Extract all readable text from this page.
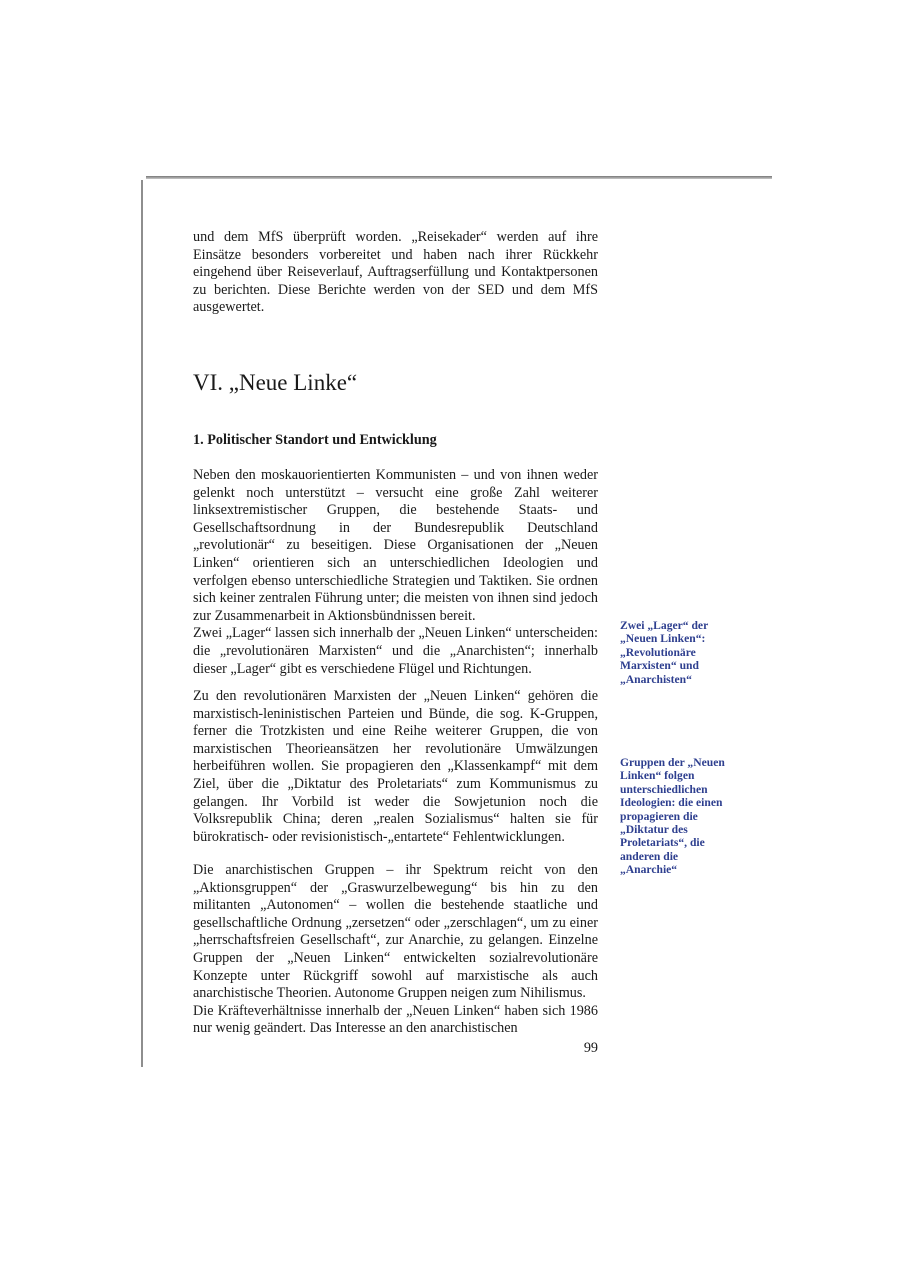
und dem MfS überprüft worden. „Reisekader“ werden auf ihre Einsätze besonders vorbereitet und haben nach ihrer Rückkehr eingehend über Reiseverlauf, Auftragserfüllung und Kontaktpersonen zu berichten. Diese Berichte werden von der SED und dem MfS ausgewertet.

VI. „Neue Linke“
1. Politischer Standort und Entwicklung

Neben den moskauorientierten Kommunisten – und von ihnen weder gelenkt noch unterstützt – versucht eine große Zahl weiterer linksextremistischer Gruppen, die bestehende Staats- und Gesellschaftsordnung in der Bundesrepublik Deutschland „revolutionär“ zu beseitigen. Diese Organisationen der „Neuen Linken“ orientieren sich an unterschiedlichen Ideologien und verfolgen ebenso unterschiedliche Strategien und Taktiken. Sie ordnen sich keiner zentralen Führung unter; die meisten von ihnen sind jedoch zur Zusammenarbeit in Aktionsbündnissen bereit.

Zwei „Lager“ lassen sich innerhalb der „Neuen Linken“ unterscheiden: die „revolutionären Marxisten“ und die „Anarchisten“; innerhalb dieser „Lager“ gibt es verschiedene Flügel und Richtungen.

Zu den revolutionären Marxisten der „Neuen Linken“ gehören die marxistisch-leninistischen Parteien und Bünde, die sog. K-Gruppen, ferner die Trotzkisten und eine Reihe weiterer Gruppen, die von marxistischen Theorieansätzen her revolutionäre Umwälzungen herbeiführen wollen. Sie propagieren den „Klassenkampf“ mit dem Ziel, über die „Diktatur des Proletariats“ zum Kommunismus zu gelangen. Ihr Vorbild ist weder die Sowjetunion noch die Volksrepublik China; deren „realen Sozialismus“ halten sie für bürokratisch- oder revisionistisch-„entartete“ Fehlentwicklungen.

Die anarchistischen Gruppen – ihr Spektrum reicht von den „Aktionsgruppen“ der „Graswurzelbewegung“ bis hin zu den militanten „Autonomen“ – wollen die bestehende staatliche und gesellschaftliche Ordnung „zersetzen“ oder „zerschlagen“, um zu einer „herrschaftsfreien Gesellschaft“, zur Anarchie, zu gelangen. Einzelne Gruppen der „Neuen Linken“ entwickelten sozialrevolutionäre Konzepte unter Rückgriff sowohl auf marxistische als auch anarchistische Theorien. Autonome Gruppen neigen zum Nihilismus.

Die Kräfteverhältnisse innerhalb der „Neuen Linken“ haben sich 1986 nur wenig geändert. Das Interesse an den anarchistischen

Zwei „Lager“ der „Neuen Linken“: „Revolutionäre Marxisten“ und „Anarchisten“

Gruppen der „Neuen Linken“ folgen unterschiedlichen Ideologien: die einen propagieren die „Diktatur des Proletariats“, die anderen die „Anarchie“

99
